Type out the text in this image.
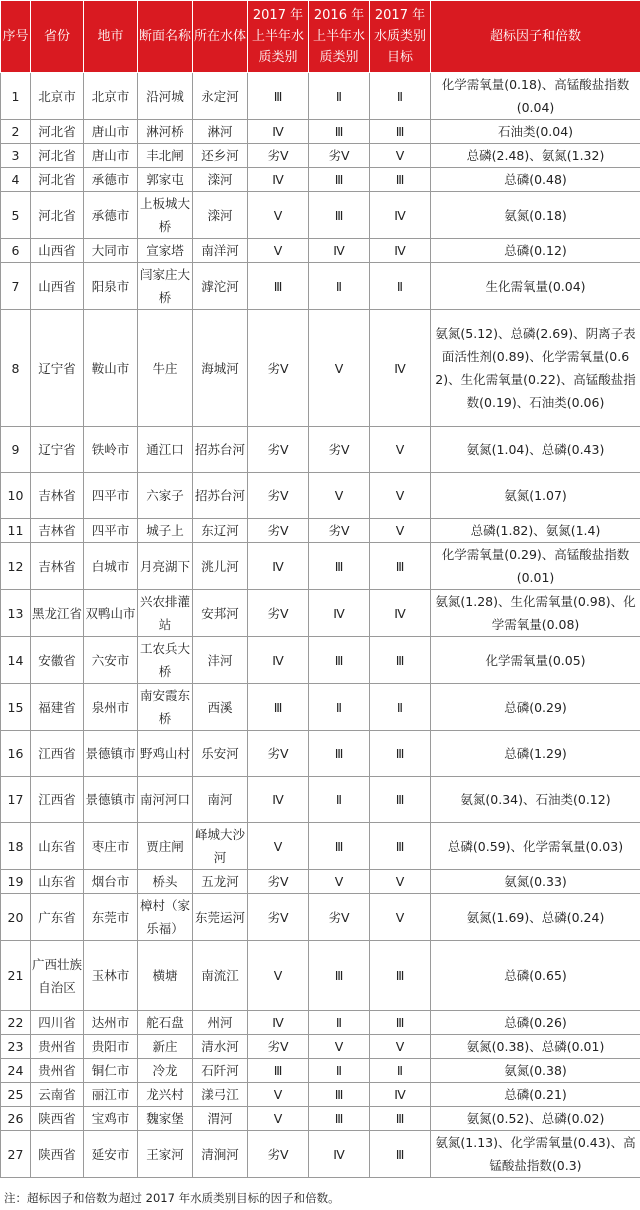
序号	省份	地市	断面名称	所在水体	2017 年上半年水质类别	2016 年上半年水质类别	2017 年水质类别目标	超标因子和倍数
1	北京市	北京市	沿河城	永定河	Ⅲ	Ⅱ	Ⅱ	化学需氧量(0.18)、高锰酸盐指数(0.04)
2	河北省	唐山市	淋河桥	淋河	Ⅳ	Ⅲ	Ⅲ	石油类(0.04)
3	河北省	唐山市	丰北闸	还乡河	劣Ⅴ	劣Ⅴ	Ⅴ	总磷(2.48)、氨氮(1.32)
4	河北省	承德市	郭家屯	滦河	Ⅳ	Ⅲ	Ⅲ	总磷(0.48)
5	河北省	承德市	上板城大桥	滦河	Ⅴ	Ⅲ	Ⅳ	氨氮(0.18)
6	山西省	大同市	宣家塔	南洋河	Ⅴ	Ⅳ	Ⅳ	总磷(0.12)
7	山西省	阳泉市	闫家庄大桥	滹沱河	Ⅲ	Ⅱ	Ⅱ	生化需氧量(0.04)
8	辽宁省	鞍山市	牛庄	海城河	劣Ⅴ	Ⅴ	Ⅳ	氨氮(5.12)、总磷(2.69)、阴离子表面活性剂(0.89)、化学需氧量(0.62)、生化需氧量(0.22)、高锰酸盐指数(0.19)、石油类(0.06)
9	辽宁省	铁岭市	通江口	招苏台河	劣Ⅴ	劣Ⅴ	Ⅴ	氨氮(1.04)、总磷(0.43)
10	吉林省	四平市	六家子	招苏台河	劣Ⅴ	Ⅴ	Ⅴ	氨氮(1.07)
11	吉林省	四平市	城子上	东辽河	劣Ⅴ	劣Ⅴ	Ⅴ	总磷(1.82)、氨氮(1.4)
12	吉林省	白城市	月亮湖下	洮儿河	Ⅳ	Ⅲ	Ⅲ	化学需氧量(0.29)、高锰酸盐指数(0.01)
13	黑龙江省	双鸭山市	兴农排灌站	安邦河	劣Ⅴ	Ⅳ	Ⅳ	氨氮(1.28)、生化需氧量(0.98)、化学需氧量(0.08)
14	安徽省	六安市	工农兵大桥	沣河	Ⅳ	Ⅲ	Ⅲ	化学需氧量(0.05)
15	福建省	泉州市	南安霞东桥	西溪	Ⅲ	Ⅱ	Ⅱ	总磷(0.29)
16	江西省	景德镇市	野鸡山村	乐安河	劣Ⅴ	Ⅲ	Ⅲ	总磷(1.29)
17	江西省	景德镇市	南河河口	南河	Ⅳ	Ⅱ	Ⅲ	氨氮(0.34)、石油类(0.12)
18	山东省	枣庄市	贾庄闸	峄城大沙河	Ⅴ	Ⅲ	Ⅲ	总磷(0.59)、化学需氧量(0.03)
19	山东省	烟台市	桥头	五龙河	劣Ⅴ	Ⅴ	Ⅴ	氨氮(0.33)
20	广东省	东莞市	樟村（家乐福）	东莞运河	劣Ⅴ	劣Ⅴ	Ⅴ	氨氮(1.69)、总磷(0.24)
21	广西壮族自治区	玉林市	横塘	南流江	Ⅴ	Ⅲ	Ⅲ	总磷(0.65)
22	四川省	达州市	舵石盘	州河	Ⅳ	Ⅱ	Ⅲ	总磷(0.26)
23	贵州省	贵阳市	新庄	清水河	劣Ⅴ	Ⅴ	Ⅴ	氨氮(0.38)、总磷(0.01)
24	贵州省	铜仁市	冷龙	石阡河	Ⅲ	Ⅱ	Ⅱ	氨氮(0.38)
25	云南省	丽江市	龙兴村	漾弓江	Ⅴ	Ⅲ	Ⅳ	总磷(0.21)
26	陕西省	宝鸡市	魏家堡	渭河	Ⅴ	Ⅲ	Ⅲ	氨氮(0.52)、总磷(0.02)
27	陕西省	延安市	王家河	清涧河	劣Ⅴ	Ⅳ	Ⅲ	氨氮(1.13)、化学需氧量(0.43)、高锰酸盐指数(0.3)
注：超标因子和倍数为超过 2017 年水质类别目标的因子和倍数。
